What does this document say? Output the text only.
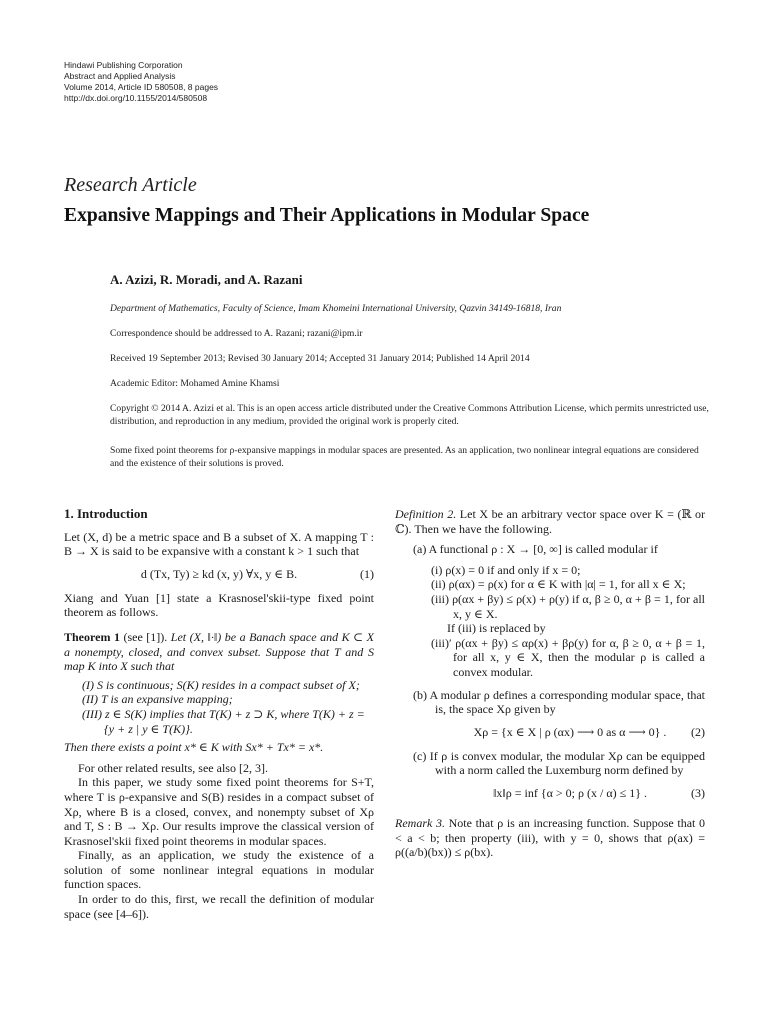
Hindawi Publishing Corporation
Abstract and Applied Analysis
Volume 2014, Article ID 580508, 8 pages
http://dx.doi.org/10.1155/2014/580508
Research Article
Expansive Mappings and Their Applications in Modular Space
A. Azizi, R. Moradi, and A. Razani
Department of Mathematics, Faculty of Science, Imam Khomeini International University, Qazvin 34149-16818, Iran
Correspondence should be addressed to A. Razani; razani@ipm.ir
Received 19 September 2013; Revised 30 January 2014; Accepted 31 January 2014; Published 14 April 2014
Academic Editor: Mohamed Amine Khamsi
Copyright © 2014 A. Azizi et al. This is an open access article distributed under the Creative Commons Attribution License, which permits unrestricted use, distribution, and reproduction in any medium, provided the original work is properly cited.
Some fixed point theorems for ρ-expansive mappings in modular spaces are presented. As an application, two nonlinear integral equations are considered and the existence of their solutions is proved.
1. Introduction

Let (X, d) be a metric space and B a subset of X. A mapping T : B → X is said to be expansive with a constant k > 1 such that

d (Tx, Ty) ≥ kd (x, y) ∀x, y ∈ B.	(1)

Xiang and Yuan [1] state a Krasnosel'skii-type fixed point theorem as follows.

Theorem 1 (see [1]). Let (X, ‖·‖) be a Banach space and K ⊂ X a nonempty, closed, and convex subset. Suppose that T and S map K into X such that

(I) S is continuous; S(K) resides in a compact subset of X;

(II) T is an expansive mapping;

(III) z ∈ S(K) implies that T(K) + z ⊃ K, where T(K) + z = {y + z | y ∈ T(K)}.

Then there exists a point x* ∈ K with Sx* + Tx* = x*.

For other related results, see also [2, 3].

In this paper, we study some fixed point theorems for S+T, where T is ρ-expansive and S(B) resides in a compact subset of Xρ, where B is a closed, convex, and nonempty subset of Xρ and T, S : B → Xρ. Our results improve the classical version of Krasnosel'skii fixed point theorems in modular spaces.

Finally, as an application, we study the existence of a solution of some nonlinear integral equations in modular function spaces.

In order to do this, first, we recall the definition of modular space (see [4–6]).

Definition 2. Let X be an arbitrary vector space over K = (ℝ or ℂ). Then we have the following.

(a) A functional ρ : X → [0, ∞] is called modular if

(i) ρ(x) = 0 if and only if x = 0;

(ii) ρ(αx) = ρ(x) for α ∈ K with |α| = 1, for all x ∈ X;

(iii) ρ(αx + βy) ≤ ρ(x) + ρ(y) if α, β ≥ 0, α + β = 1, for all x, y ∈ X.

If (iii) is replaced by

(iii)′ ρ(αx + βy) ≤ αρ(x) + βρ(y) for α, β ≥ 0, α + β = 1, for all x, y ∈ X, then the modular ρ is called a convex modular.

(b) A modular ρ defines a corresponding modular space, that is, the space Xρ given by

Xρ = {x ∈ X | ρ (αx) ⟶ 0 as α ⟶ 0} .	(2)

(c) If ρ is convex modular, the modular Xρ can be equipped with a norm called the Luxemburg norm defined by

‖x‖ρ = inf {α > 0; ρ (x / α) ≤ 1} .	(3)

Remark 3. Note that ρ is an increasing function. Suppose that 0 < a < b; then property (iii), with y = 0, shows that ρ(ax) = ρ((a/b)(bx)) ≤ ρ(bx).
